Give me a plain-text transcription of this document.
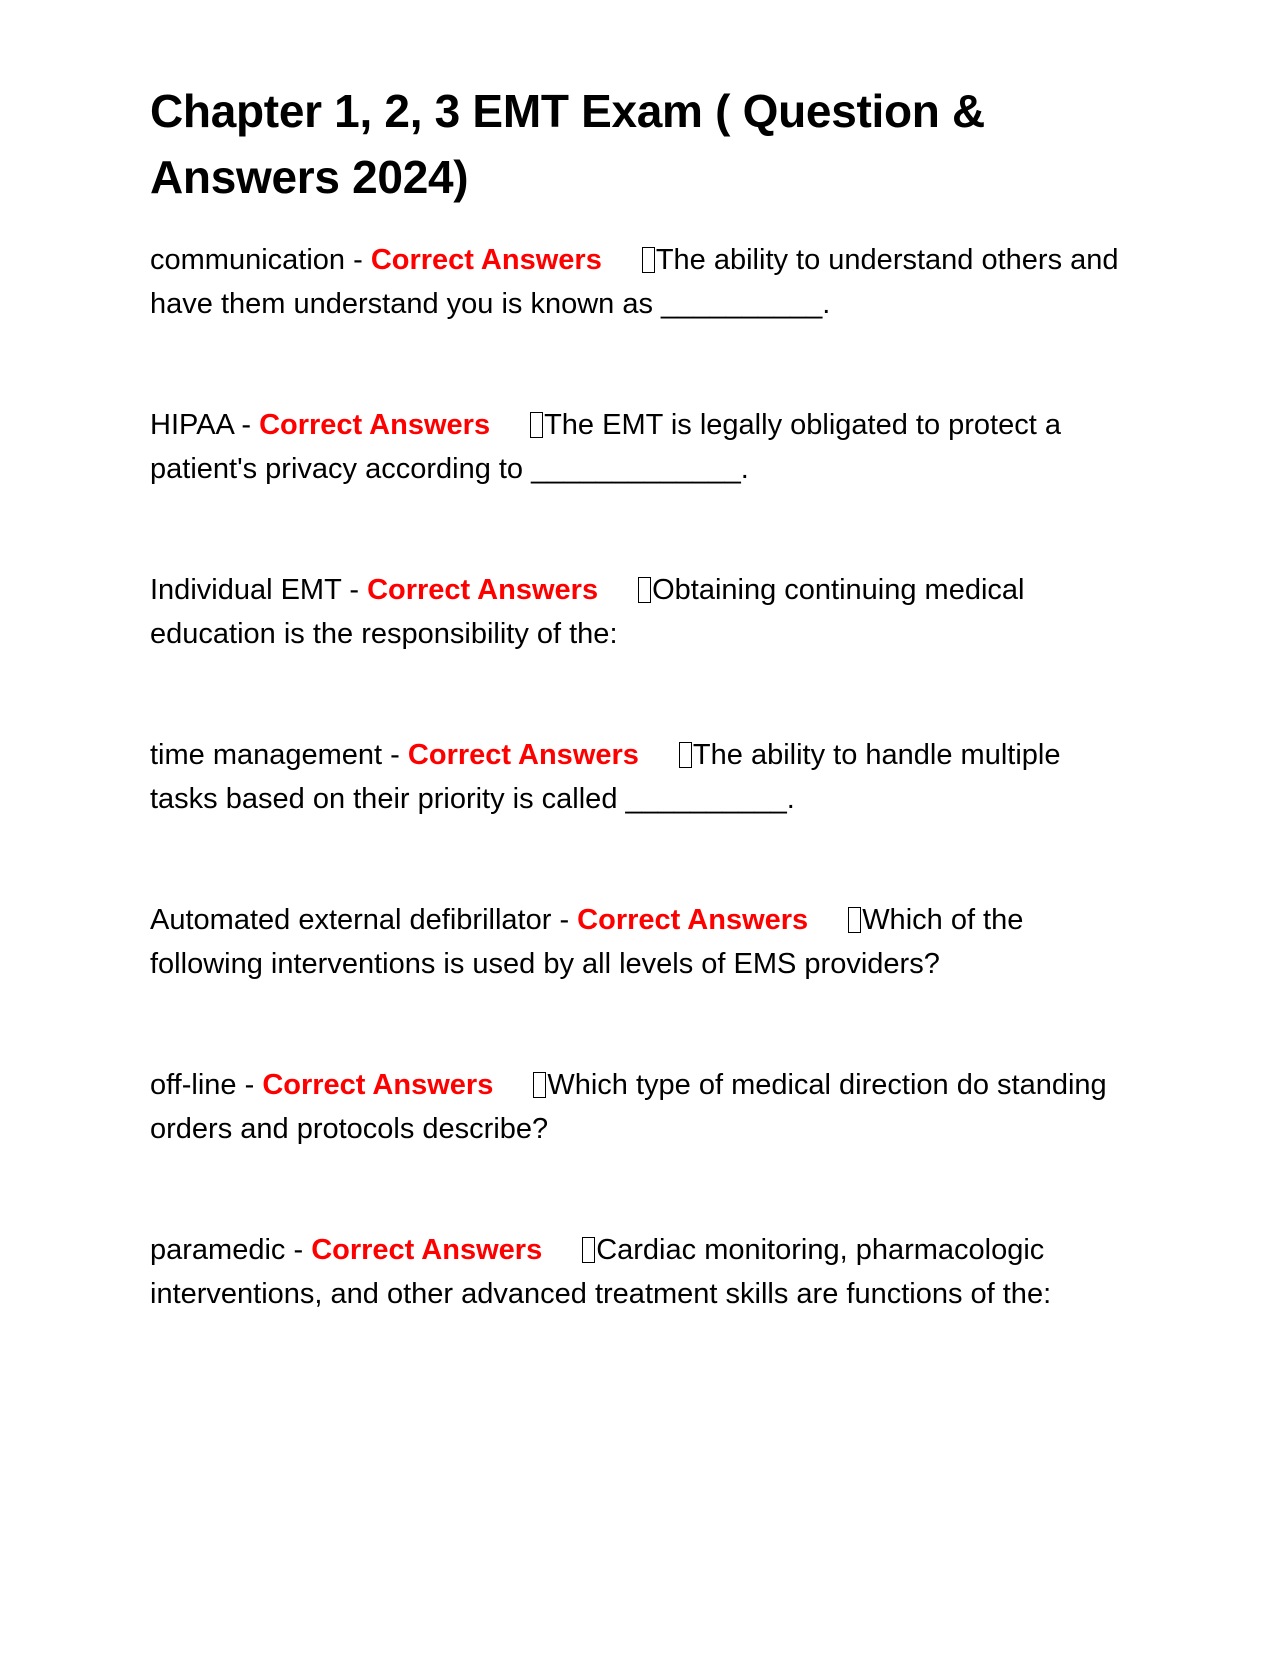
Chapter 1, 2, 3 EMT Exam ( Question & Answers 2024)

communication - Correct Answers The ability to understand others and have them understand you is known as __________.

HIPAA - Correct Answers The EMT is legally obligated to protect a patient's privacy according to _____________.

Individual EMT - Correct Answers Obtaining continuing medical education is the responsibility of the:

time management - Correct Answers The ability to handle multiple tasks based on their priority is called __________.

Automated external defibrillator - Correct Answers Which of the following interventions is used by all levels of EMS providers?

off-line - Correct Answers Which type of medical direction do standing orders and protocols describe?

paramedic - Correct Answers Cardiac monitoring, pharmacologic interventions, and other advanced treatment skills are functions of the:
